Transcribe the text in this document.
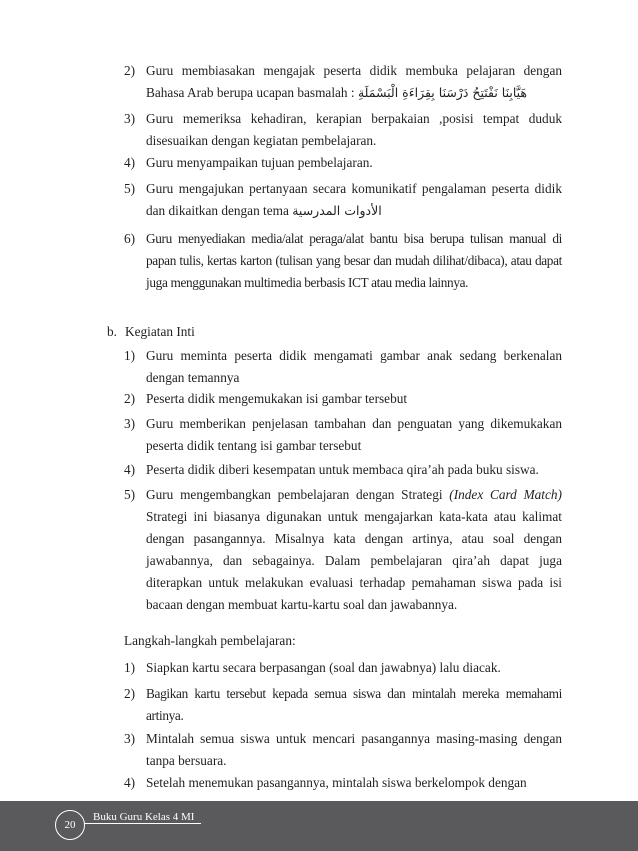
2) Guru membiasakan mengajak peserta didik membuka pelajaran dengan Bahasa Arab berupa ucapan basmalah : هَيَّابِنَا نَفْتَتِحُ دَرْسَنَا بِقِرَاءَةِ الْبَسْمَلَةِ
3) Guru memeriksa kehadiran, kerapian berpakaian ,posisi tempat duduk disesuaikan dengan kegiatan pembelajaran.
4) Guru menyampaikan tujuan pembelajaran.
5) Guru mengajukan pertanyaan secara komunikatif pengalaman peserta didik dan dikaitkan dengan tema الأدوات المدرسية
6) Guru menyediakan media/alat peraga/alat bantu bisa berupa tulisan manual di papan tulis, kertas karton (tulisan yang besar dan mudah dilihat/dibaca), atau dapat juga menggunakan multimedia berbasis ICT atau media lainnya.
b. Kegiatan Inti
1) Guru meminta peserta didik mengamati gambar anak sedang berkenalan dengan temannya
2) Peserta didik mengemukakan isi gambar tersebut
3) Guru memberikan penjelasan tambahan dan penguatan yang dikemukakan peserta didik tentang isi gambar tersebut
4) Peserta didik diberi kesempatan untuk membaca qira’ah pada buku siswa.
5) Guru mengembangkan pembelajaran dengan Strategi (Index Card Match) Strategi ini biasanya digunakan untuk mengajarkan kata-kata atau kalimat dengan pasangannya. Misalnya kata dengan artinya, atau soal dengan jawabannya, dan sebagainya. Dalam pembelajaran qira’ah dapat juga diterapkan untuk melakukan evaluasi terhadap pemahaman siswa pada isi bacaan dengan membuat kartu-kartu soal dan jawabannya.
Langkah-langkah pembelajaran:
1) Siapkan kartu secara berpasangan (soal dan jawabnya) lalu diacak.
2) Bagikan kartu tersebut kepada semua siswa dan mintalah mereka memahami artinya.
3) Mintalah semua siswa untuk mencari pasangannya masing-masing dengan tanpa bersuara.
4) Setelah menemukan pasangannya, mintalah siswa berkelompok dengan
Buku Guru Kelas 4 MI
20
